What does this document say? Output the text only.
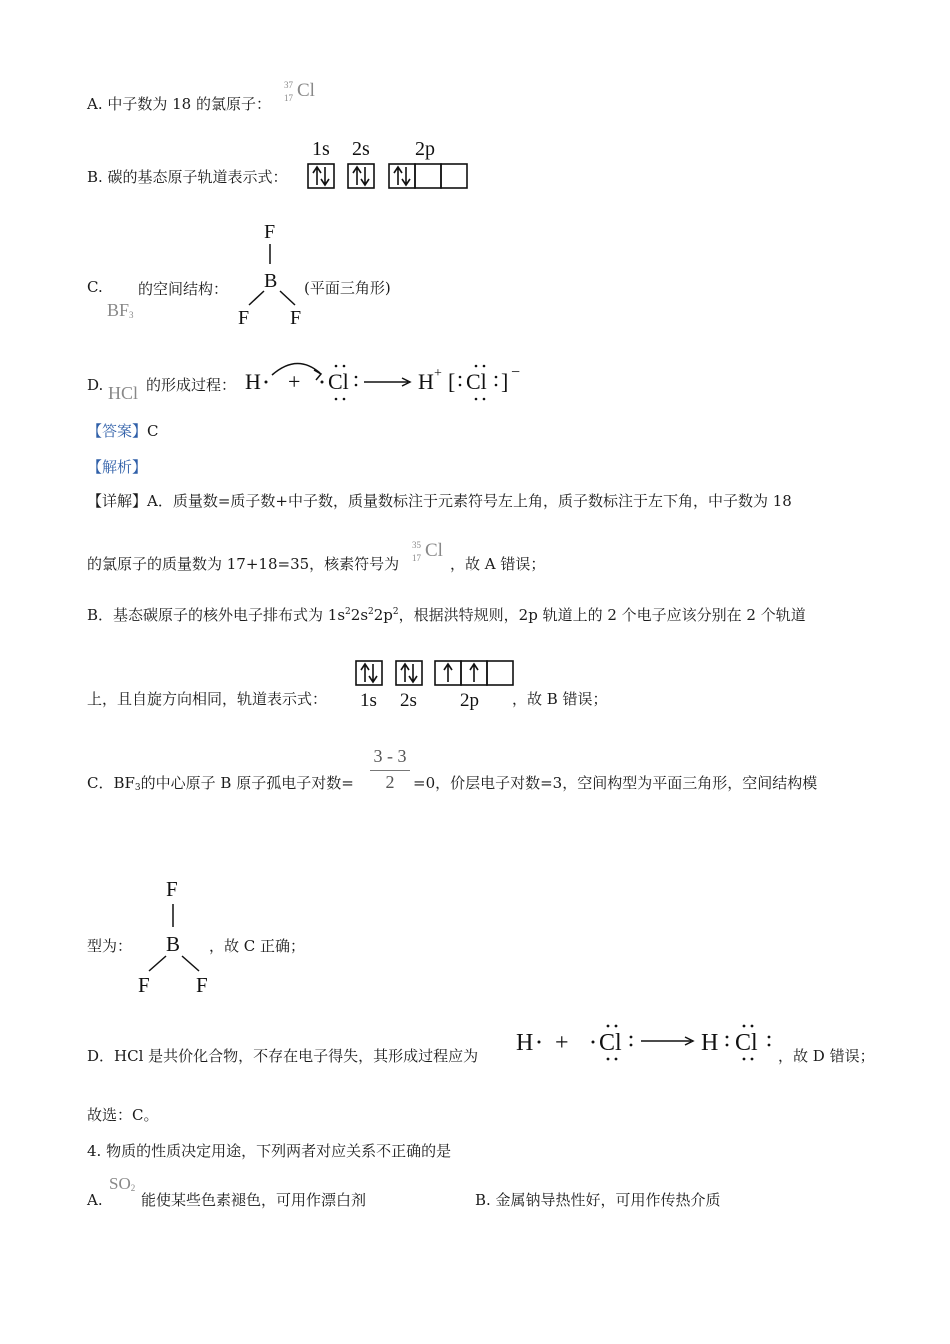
A. 中子数为 18 的氯原子：
37
17 Cl
B. 碳的基态原子轨道表示式：
1s 2s 2p
C.
$BF_3$
的空间结构：
F
B
F F
(平面三角形)
D. HCl 的形成过程： H + Cl	H + [ Cl ] −
【答案】C
【解析】
【详解】A．质量数=质子数+中子数，质量数标注于元素符号左上角，质子数标注于左下角，中子数为 18
的氯原子的质量数为 17+18=35，核素符号为
35
17 Cl
，故 A 错误；
B．基态碳原子的核外电子排布式为 $1s^22s^22p^2$，根据洪特规则，2p 轨道上的 2 个电子应该分别在 2 个轨道
上，且自旋方向相同，轨道表示式： 1s 2s 2p ，故 B 错误；
C．$BF_3$的中心原子 B 原子孤电子对数= $\frac{3 - 3}{2} =0$，价层电子对数=3，空间构型为平面三角形，空间结构模
型为：
F
B
F F
，故 C 正确；
D．HCl 是共价化合物，不存在电子得失，其形成过程应为 H + Cl	H Cl ，故 D 错误；
故选：C。
4. 物质的性质决定用途，下列两者对应关系不正确的是
A.
$SO_2$
能使某些色素褪色，可用作漂白剂	B. 金属钠导热性好，可用作传热介质
